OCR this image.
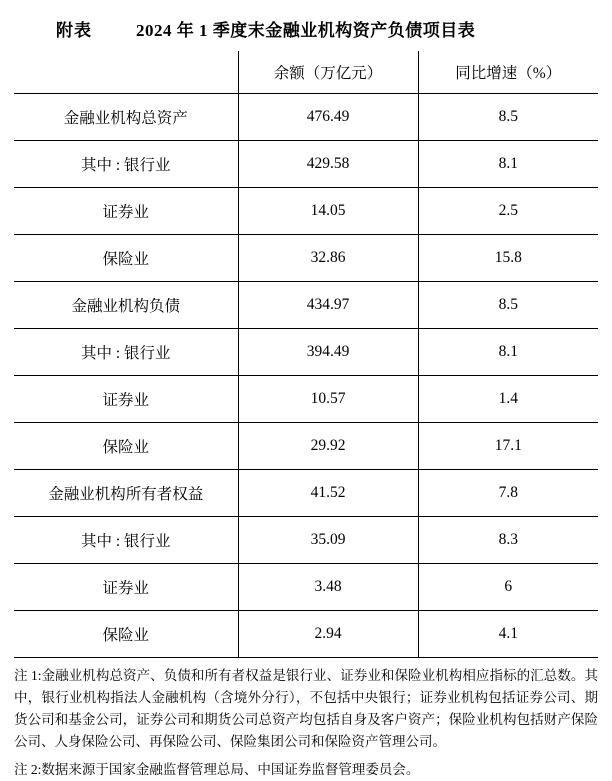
附表	2024 年 1 季度末金融业机构资产负债项目表
	余额（万亿元）	同比增速（%）
金融业机构总资产	476.49	8.5
其中 : 银行业	429.58	8.1
证券业	14.05	2.5
保险业	32.86	15.8
金融业机构负债	434.97	8.5
其中 : 银行业	394.49	8.1
证券业	10.57	1.4
保险业	29.92	17.1
金融业机构所有者权益	41.52	7.8
其中 : 银行业	35.09	8.3
证券业	3.48	6
保险业	2.94	4.1

注 1:金融业机构总资产、负债和所有者权益是银行业、证券业和保险业机构相应指标的汇总数。其中，银行业机构指法人金融机构（含境外分行），不包括中央银行；证券业机构包括证券公司、期货公司和基金公司，证券公司和期货公司总资产均包括自身及客户资产；保险业机构包括财产保险公司、人身保险公司、再保险公司、保险集团公司和保险资产管理公司。

注 2:数据来源于国家金融监督管理总局、中国证券监督管理委员会。
